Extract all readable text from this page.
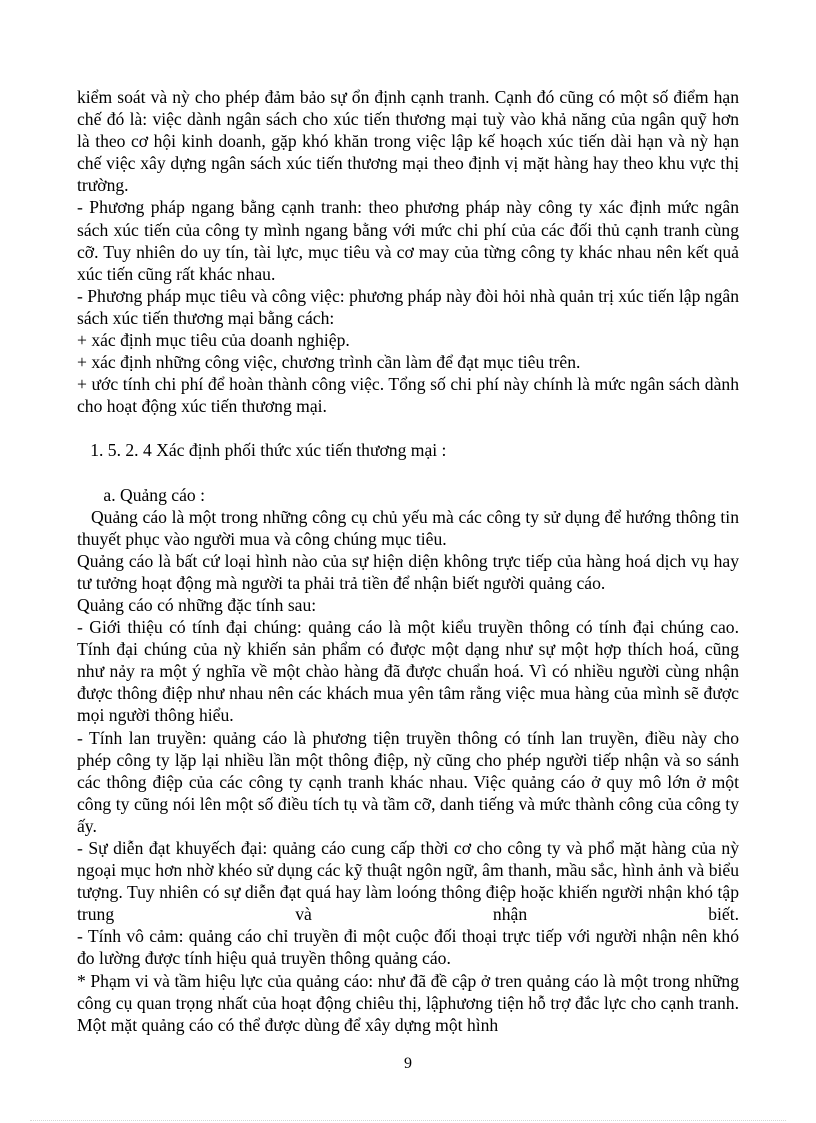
kiểm soát và nỳ cho phép đảm bảo sự ổn định cạnh tranh. Cạnh đó cũng có một số điểm hạn chế đó là: việc dành ngân sách cho xúc tiến thương mại tuỳ vào khả năng của ngân quỹ hơn là theo cơ hội kinh doanh, gặp khó khăn trong việc lập kế hoạch xúc tiến dài hạn và nỳ hạn chế việc xây dựng ngân sách xúc tiến thương mại theo định vị mặt hàng hay theo khu vực thị trường.

- Phương pháp ngang bằng cạnh tranh: theo phương pháp này công ty xác định mức ngân sách xúc tiến của công ty mình ngang bằng với mức chi phí của các đối thủ cạnh tranh cùng cỡ. Tuy nhiên do uy tín, tài lực, mục tiêu và cơ may của từng công ty khác nhau nên kết quả xúc tiến cũng rất khác nhau.

- Phương pháp mục tiêu và công việc: phương pháp này đòi hỏi nhà quản trị xúc tiến lập ngân sách xúc tiến thương mại bằng cách:

+ xác định mục tiêu của doanh nghiệp.

+ xác định những công việc, chương trình cần làm để đạt mục tiêu trên.

+ ước tính chi phí để hoàn thành công việc. Tổng số chi phí này chính là mức ngân sách dành cho hoạt động xúc tiến thương mại.

1. 5. 2. 4 Xác định phối thức xúc tiến thương mại :

a. Quảng cáo :

Quảng cáo là một trong những công cụ chủ yếu mà các công ty sử dụng để hướng thông tin thuyết phục vào người mua và công chúng mục tiêu.

Quảng cáo là bất cứ loại hình nào của sự hiện diện không trực tiếp của hàng hoá dịch vụ hay tư tưởng hoạt động mà người ta phải trả tiền để nhận biết người quảng cáo.

Quảng cáo có những đặc tính sau:

- Giới thiệu có tính đại chúng: quảng cáo là một kiểu truyền thông có tính đại chúng cao. Tính đại chúng của nỳ khiến sản phẩm có được một dạng như sự một hợp thích hoá, cũng như nảy ra một ý nghĩa về một chào hàng đã được chuẩn hoá. Vì có nhiều người cùng nhận được thông điệp như nhau nên các khách mua yên tâm rằng việc mua hàng của mình sẽ được mọi người thông hiểu.

- Tính lan truyền: quảng cáo là phương tiện truyền thông có tính lan truyền, điều này cho phép công ty lặp lại nhiều lần một thông điệp, nỳ cũng cho phép người tiếp nhận và so sánh các thông điệp của các công ty cạnh tranh khác nhau. Việc quảng cáo ở quy mô lớn ở một công ty cũng nói lên một số điều tích tụ và tầm cỡ, danh tiếng và mức thành công của công ty ấy.

- Sự diễn đạt khuyếch đại: quảng cáo cung cấp thời cơ cho công ty và phổ mặt hàng của nỳ ngoại mục hơn nhờ khéo sử dụng các kỹ thuật ngôn ngữ, âm thanh, mầu sắc, hình ảnh và biểu tượng. Tuy nhiên có sự diễn đạt quá hay làm loóng thông điệp hoặc khiến người nhận khó tập trung và nhận biết.

- Tính vô cảm: quảng cáo chỉ truyền đi một cuộc đối thoại trực tiếp với người nhận nên khó đo lường được tính hiệu quả truyền thông quảng cáo.

* Phạm vi và tầm hiệu lực của quảng cáo: như đã đề cập ở tren quảng cáo là một trong những công cụ quan trọng nhất của hoạt động chiêu thị, lậphương tiện hỗ trợ đắc lực cho cạnh tranh. Một mặt quảng cáo có thể được dùng để xây dựng một hình

9
